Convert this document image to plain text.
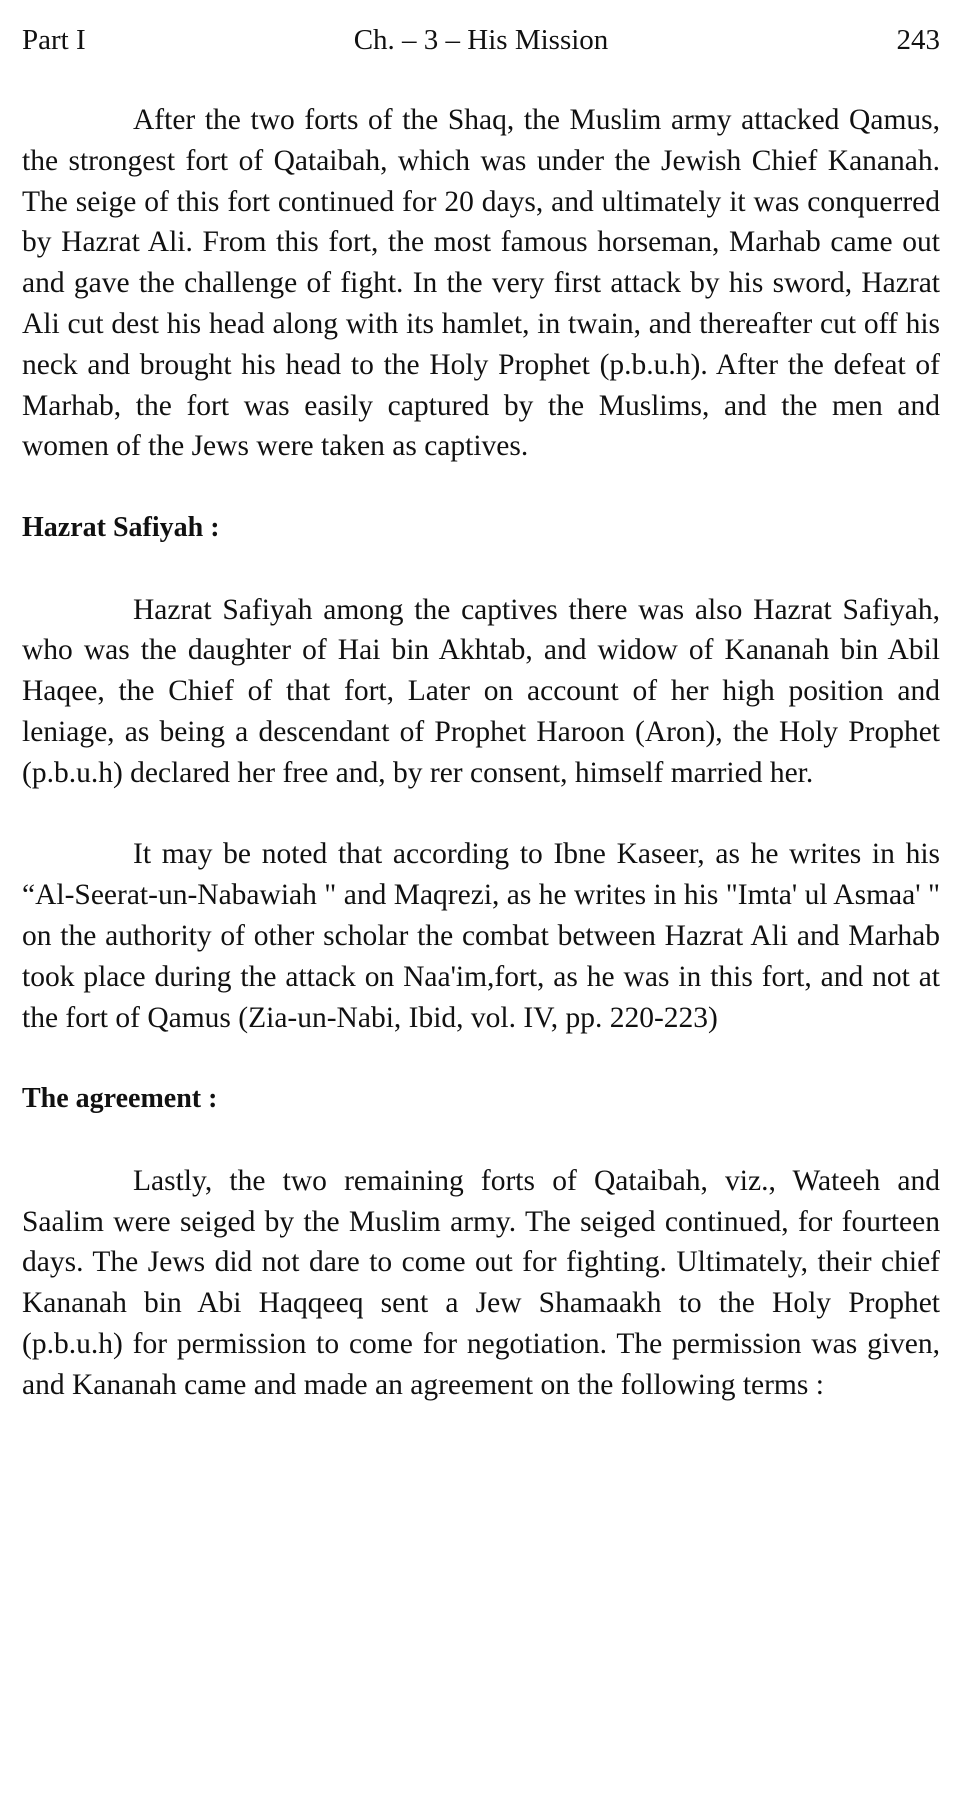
Part I	Ch. – 3 – His Mission	243

After the two forts of the Shaq, the Muslim army attacked Qamus, the strongest fort of Qataibah, which was under the Jewish Chief Kananah. The seige of this fort continued for 20 days, and ultimately it was conquerred by Hazrat Ali. From this fort, the most famous horseman, Marhab came out and gave the challenge of fight. In the very first attack by his sword, Hazrat Ali cut dest his head along with its hamlet, in twain, and thereafter cut off his neck and brought his head to the Holy Prophet (p.b.u.h). After the defeat of Marhab, the fort was easily captured by the Muslims, and the men and women of the Jews were taken as captives.

Hazrat Safiyah :

Hazrat Safiyah among the captives there was also Hazrat Safiyah, who was the daughter of Hai bin Akhtab, and widow of Kananah bin Abil Haqee, the Chief of that fort, Later on account of her high position and leniage, as being a descendant of Prophet Haroon (Aron), the Holy Prophet (p.b.u.h) declared her free and, by rer consent, himself married her.

It may be noted that according to Ibne Kaseer, as he writes in his “Al-Seerat-un-Nabawiah " and Maqrezi, as he writes in his "Imta' ul Asmaa' " on the authority of other scholar the combat between Hazrat Ali and Marhab took place during the attack on Naa'im,fort, as he was in this fort, and not at the fort of Qamus (Zia-un-Nabi, Ibid, vol. IV, pp. 220-223)

The agreement :

Lastly, the two remaining forts of Qataibah, viz., Wateeh and Saalim were seiged by the Muslim army. The seiged continued, for fourteen days. The Jews did not dare to come out for fighting. Ultimately, their chief Kananah bin Abi Haqqeeq sent a Jew Shamaakh to the Holy Prophet (p.b.u.h) for permission to come for negotiation. The permission was given, and Kananah came and made an agreement on the following terms :
